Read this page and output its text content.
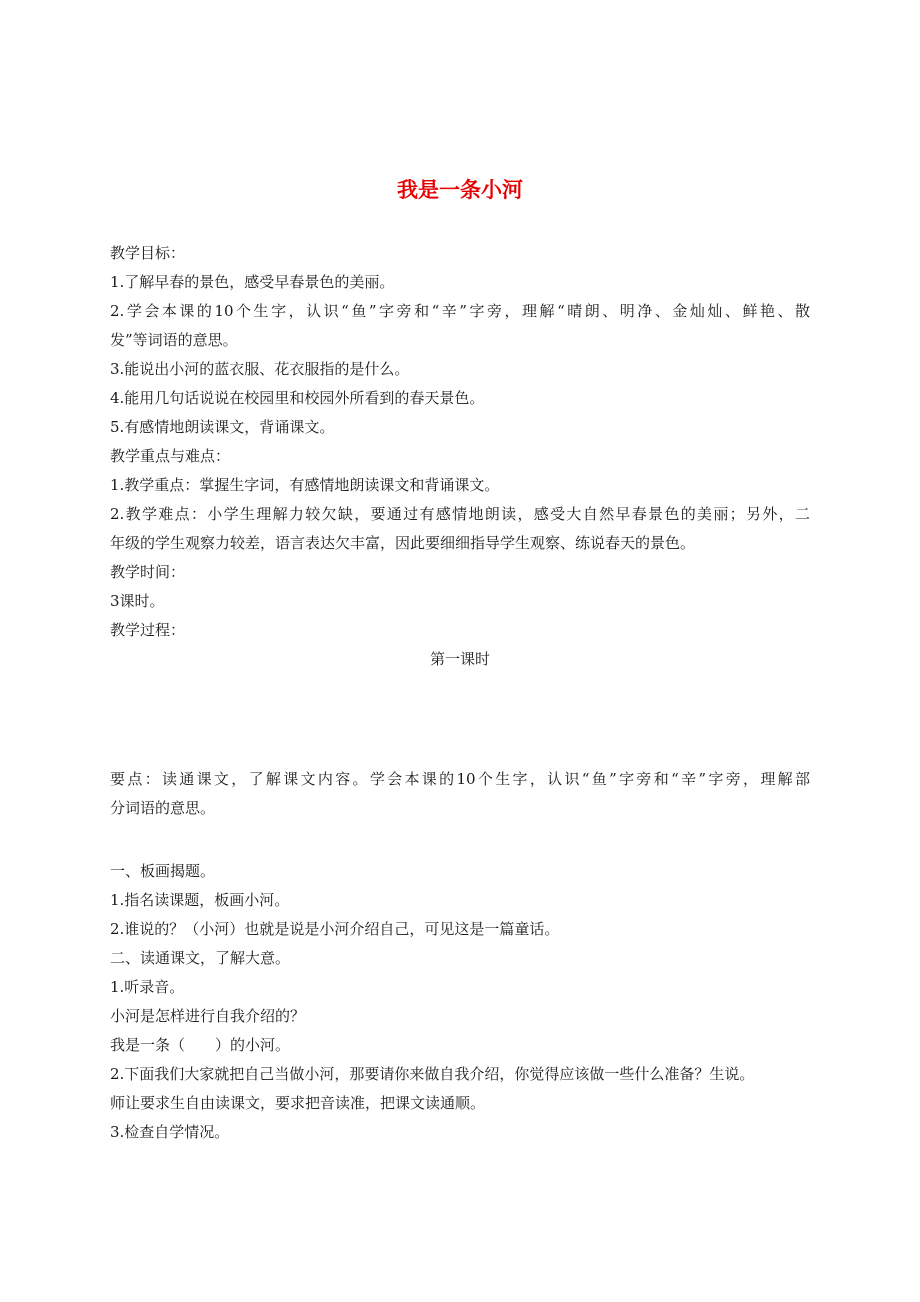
我是一条小河
教学目标：
1.了解早春的景色，感受早春景色的美丽。
2.学会本课的10个生字，认识“鱼”字旁和“辛”字旁，理解“晴朗、明净、金灿灿、鲜艳、散
发”等词语的意思。
3.能说出小河的蓝衣服、花衣服指的是什么。
4.能用几句话说说在校园里和校园外所看到的春天景色。
5.有感情地朗读课文，背诵课文。
教学重点与难点：
1.教学重点：掌握生字词，有感情地朗读课文和背诵课文。
2.教学难点：小学生理解力较欠缺，要通过有感情地朗读，感受大自然早春景色的美丽；另外，二
年级的学生观察力较差，语言表达欠丰富，因此要细细指导学生观察、练说春天的景色。
教学时间：
3课时。
教学过程：
第一课时
要点：读通课文，了解课文内容。学会本课的10个生字，认识“鱼”字旁和“辛”字旁，理解部
分词语的意思。
一、板画揭题。
1.指名读课题，板画小河。
2.谁说的？（小河）也就是说是小河介绍自己，可见这是一篇童话。
二、读通课文，了解大意。
1.听录音。
小河是怎样进行自我介绍的？
我是一条（　　）的小河。
2.下面我们大家就把自己当做小河，那要请你来做自我介绍，你觉得应该做一些什么准备？生说。
师让要求生自由读课文，要求把音读准，把课文读通顺。
3.检查自学情况。
